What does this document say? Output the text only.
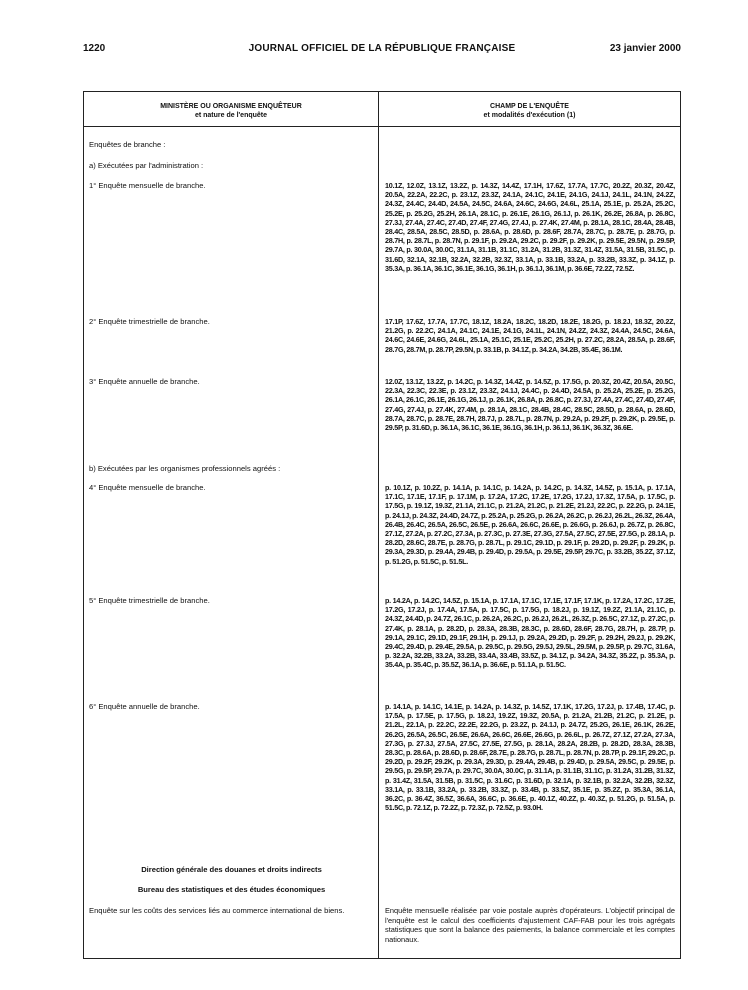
1220	JOURNAL OFFICIEL DE LA RÉPUBLIQUE FRANÇAISE	23 janvier 2000
MINISTÈRE OU ORGANISME ENQUÊTEUR
et nature de l'enquête
CHAMP DE L'ENQUÊTE
et modalités d'exécution (1)
Enquêtes de branche :
a) Exécutées par l'administration :
1° Enquête mensuelle de branche.	10.1Z, 12.0Z, 13.1Z, 13.2Z, p. 14.3Z, 14.4Z, 17.1H, 17.6Z, 17.7A, 17.7C, 20.2Z, 20.3Z, 20.4Z, 20.5A, 22.2A, 22.2C, p. 23.1Z, 23.3Z, 24.1A, 24.1C, 24.1E, 24.1G, 24.1J, 24.1L, 24.1N, 24.2Z, 24.3Z, 24.4C, 24.4D, 24.5A, 24.5C, 24.6A, 24.6C, 24.6G, 24.6L, 25.1A, 25.1E, p. 25.2A, 25.2C, 25.2E, p. 25.2G, 25.2H, 26.1A, 28.1C, p. 26.1E, 26.1G, 26.1J, p. 26.1K, 26.2E, 26.8A, p. 26.8C, 27.3J, 27.4A, 27.4C, 27.4D, 27.4F, 27.4G, 27.4J, p. 27.4K, 27.4M, p. 28.1A, 28.1C, 28.4A, 28.4B, 28.4C, 28.5A, 28.5C, 28.5D, p. 28.6A, p. 28.6D, p. 28.6F, 28.7A, 28.7C, p. 28.7E, p. 28.7G, p. 28.7H, p. 28.7L, p. 28.7N, p. 29.1F, p. 29.2A, 29.2C, p. 29.2F, p. 29.2K, p. 29.5E, 29.5N, p. 29.5P, 29.7A, p. 30.0A, 30.0C, 31.1A, 31.1B, 31.1C, 31.2A, 31.2B, 31.3Z, 31.4Z, 31.5A, 31.5B, 31.5C, p. 31.6D, 32.1A, 32.1B, 32.2A, 32.2B, 32.3Z, 33.1A, p. 33.1B, 33.2A, p. 33.2B, 33.3Z, p. 34.1Z, p. 35.3A, p. 36.1A, 36.1C, 36.1E, 36.1G, 36.1H, p. 36.1J, 36.1M, p. 36.6E, 72.2Z, 72.5Z.
2° Enquête trimestrielle de branche.	17.1P, 17.6Z, 17.7A, 17.7C, 18.1Z, 18.2A, 18.2C, 18.2D, 18.2E, 18.2G, p. 18.2J, 18.3Z, 20.2Z, 21.2G, p. 22.2C, 24.1A, 24.1C, 24.1E, 24.1G, 24.1L, 24.1N, 24.2Z, 24.3Z, 24.4A, 24.5C, 24.6A, 24.6C, 24.6E, 24.6G, 24.6L, 25.1A, 25.1C, 25.1E, 25.2C, 25.2H, p. 27.2C, 28.2A, 28.5A, p. 28.6F, 28.7G, 28.7M, p. 28.7P, 29.5N, p. 33.1B, p. 34.1Z, p. 34.2A, 34.2B, 35.4E, 36.1M.
3° Enquête annuelle de branche.	12.0Z, 13.1Z, 13.2Z, p. 14.2C, p. 14.3Z, 14.4Z, p. 14.5Z, p. 17.5G, p. 20.3Z, 20.4Z, 20.5A, 20.5C, 22.3A, 22.3C, 22.3E, p. 23.1Z, 23.3Z, 24.1J, 24.4C, p. 24.4D, 24.5A, p. 25.2A, 25.2E, p. 25.2G, 26.1A, 26.1C, 26.1E, 26.1G, 26.1J, p. 26.1K, 26.8A, p. 26.8C, p. 27.3J, 27.4A, 27.4C, 27.4D, 27.4F, 27.4G, 27.4J, p. 27.4K, 27.4M, p. 28.1A, 28.1C, 28.4B, 28.4C, 28.5C, 28.5D, p. 28.6A, p. 28.6D, 28.7A, 28.7C, p. 28.7E, 28.7H, 28.7J, p. 28.7L, p. 28.7N, p. 29.2A, p. 29.2F, p. 29.2K, p. 29.5E, p. 29.5P, p. 31.6D, p. 36.1A, 36.1C, 36.1E, 36.1G, 36.1H, p. 36.1J, 36.1K, 36.3Z, 36.6E.
b) Exécutées par les organismes professionnels agréés :
4° Enquête mensuelle de branche.	p. 10.1Z, p. 10.2Z, p. 14.1A, p. 14.1C, p. 14.2A, p. 14.2C, p. 14.3Z, 14.5Z, p. 15.1A, p. 17.1A, 17.1C, 17.1E, 17.1F, p. 17.1M, p. 17.2A, 17.2C, 17.2E, 17.2G, 17.2J, 17.3Z, 17.5A, p. 17.5C, p. 17.5G, p. 19.1Z, 19.3Z, 21.1A, 21.1C, p. 21.2A, 21.2C, p. 21.2E, 21.2J, 22.2C, p. 22.2G, p. 24.1E, p. 24.1J, p. 24.3Z, 24.4D, 24.7Z, p. 25.2A, p. 25.2G, p. 26.2A, 26.2C, p. 26.2J, 26.2L, 26.3Z, 26.4A, 26.4B, 26.4C, 26.5A, 26.5C, 26.5E, p. 26.6A, 26.6C, 26.6E, p. 26.6G, p. 26.6J, p. 26.7Z, p. 26.8C, 27.1Z, 27.2A, p. 27.2C, 27.3A, p. 27.3C, p. 27.3E, 27.3G, 27.5A, 27.5C, 27.5E, 27.5G, p. 28.1A, p. 28.2D, 28.6C, 28.7E, p. 28.7G, p. 28.7L, p. 29.1C, 29.1D, p. 29.1F, p. 29.2D, p. 29.2F, p. 29.2K, p. 29.3A, 29.3D, p. 29.4A, 29.4B, p. 29.4D, p. 29.5A, p. 29.5E, 29.5P, 29.7C, p. 33.2B, 35.2Z, 37.1Z, p. 51.2G, p. 51.5C, p. 51.5L.
5° Enquête trimestrielle de branche.	p. 14.2A, p. 14.2C, 14.5Z, p. 15.1A, p. 17.1A, 17.1C, 17.1E, 17.1F, 17.1K, p. 17.2A, 17.2C, 17.2E, 17.2G, 17.2J, p. 17.4A, 17.5A, p. 17.5C, p. 17.5G, p. 18.2J, p. 19.1Z, 19.2Z, 21.1A, 21.1C, p. 24.3Z, 24.4D, p. 24.7Z, 26.1C, p. 26.2A, 26.2C, p. 26.2J, 26.2L, 26.3Z, p. 26.5C, 27.1Z, p. 27.2C, p. 27.4K, p. 28.1A, p. 28.2D, p. 28.3A, 28.3B, 28.3C, p. 28.6D, 28.6F, 28.7G, 28.7H, p. 28.7P, p. 29.1A, 29.1C, 29.1D, 29.1F, 29.1H, p. 29.1J, p. 29.2A, 29.2D, p. 29.2F, p. 29.2H, 29.2J, p. 29.2K, 29.4C, 29.4D, p. 29.4E, 29.5A, p. 29.5C, p. 29.5G, 29.5J, 29.5L, 29.5M, p. 29.5P, p. 29.7C, 31.6A, p. 32.2A, 32.2B, 33.2A, 33.2B, 33.4A, 33.4B, 33.5Z, p. 34.1Z, p. 34.2A, 34.3Z, 35.2Z, p. 35.3A, p. 35.4A, p. 35.4C, p. 35.5Z, 36.1A, p. 36.6E, p. 51.1A, p. 51.5C.
6° Enquête annuelle de branche.	p. 14.1A, p. 14.1C, 14.1E, p. 14.2A, p. 14.3Z, p. 14.5Z, 17.1K, 17.2G, 17.2J, p. 17.4B, 17.4C, p. 17.5A, p. 17.5E, p. 17.5G, p. 18.2J, 19.2Z, 19.3Z, 20.5A, p. 21.2A, 21.2B, 21.2C, p. 21.2E, p. 21.2L, 22.1A, p. 22.2C, 22.2E, 22.2G, p. 23.2Z, p. 24.1J, p. 24.7Z, 25.2G, 26.1E, 26.1K, 26.2E, 26.2G, 26.5A, 26.5C, 26.5E, 26.6A, 26.6C, 26.6E, 26.6G, p. 26.6L, p. 26.7Z, 27.1Z, 27.2A, 27.3A, 27.3G, p. 27.3J, 27.5A, 27.5C, 27.5E, 27.5G, p. 28.1A, 28.2A, 28.2B, p. 28.2D, 28.3A, 28.3B, 28.3C, p. 28.6A, p. 28.6D, p. 28.6F, 28.7E, p. 28.7G, p. 28.7L, p. 28.7N, p. 28.7P, p. 29.1F, 29.2C, p. 29.2D, p. 29.2F, 29.2K, p. 29.3A, 29.3D, p. 29.4A, 29.4B, p. 29.4D, p. 29.5A, 29.5C, p. 29.5E, p. 29.5G, p. 29.5P, 29.7A, p. 29.7C, 30.0A, 30.0C, p. 31.1A, p. 31.1B, 31.1C, p. 31.2A, 31.2B, 31.3Z, p. 31.4Z, 31.5A, 31.5B, p. 31.5C, p. 31.6C, p. 31.6D, p. 32.1A, p. 32.1B, p. 32.2A, 32.2B, 32.3Z, 33.1A, p. 33.1B, 33.2A, p. 33.2B, 33.3Z, p. 33.4B, p. 33.5Z, 35.1E, p. 35.2Z, p. 35.3A, 36.1A, 36.2C, p. 36.4Z, 36.5Z, 36.6A, 36.6C, p. 36.6E, p. 40.1Z, 40.2Z, p. 40.3Z, p. 51.2G, p. 51.5A, p. 51.5C, p. 72.1Z, p. 72.2Z, p. 72.3Z, p. 72.5Z, p. 93.0H.
Direction générale des douanes et droits indirects
Bureau des statistiques et des études économiques
Enquête sur les coûts des services liés au commerce international de biens.	Enquête mensuelle réalisée par voie postale auprès d'opérateurs. L'objectif principal de l'enquête est le calcul des coefficients d'ajustement CAF-FAB pour les trois agrégats statistiques que sont la balance des paiements, la balance commerciale et les comptes nationaux.
